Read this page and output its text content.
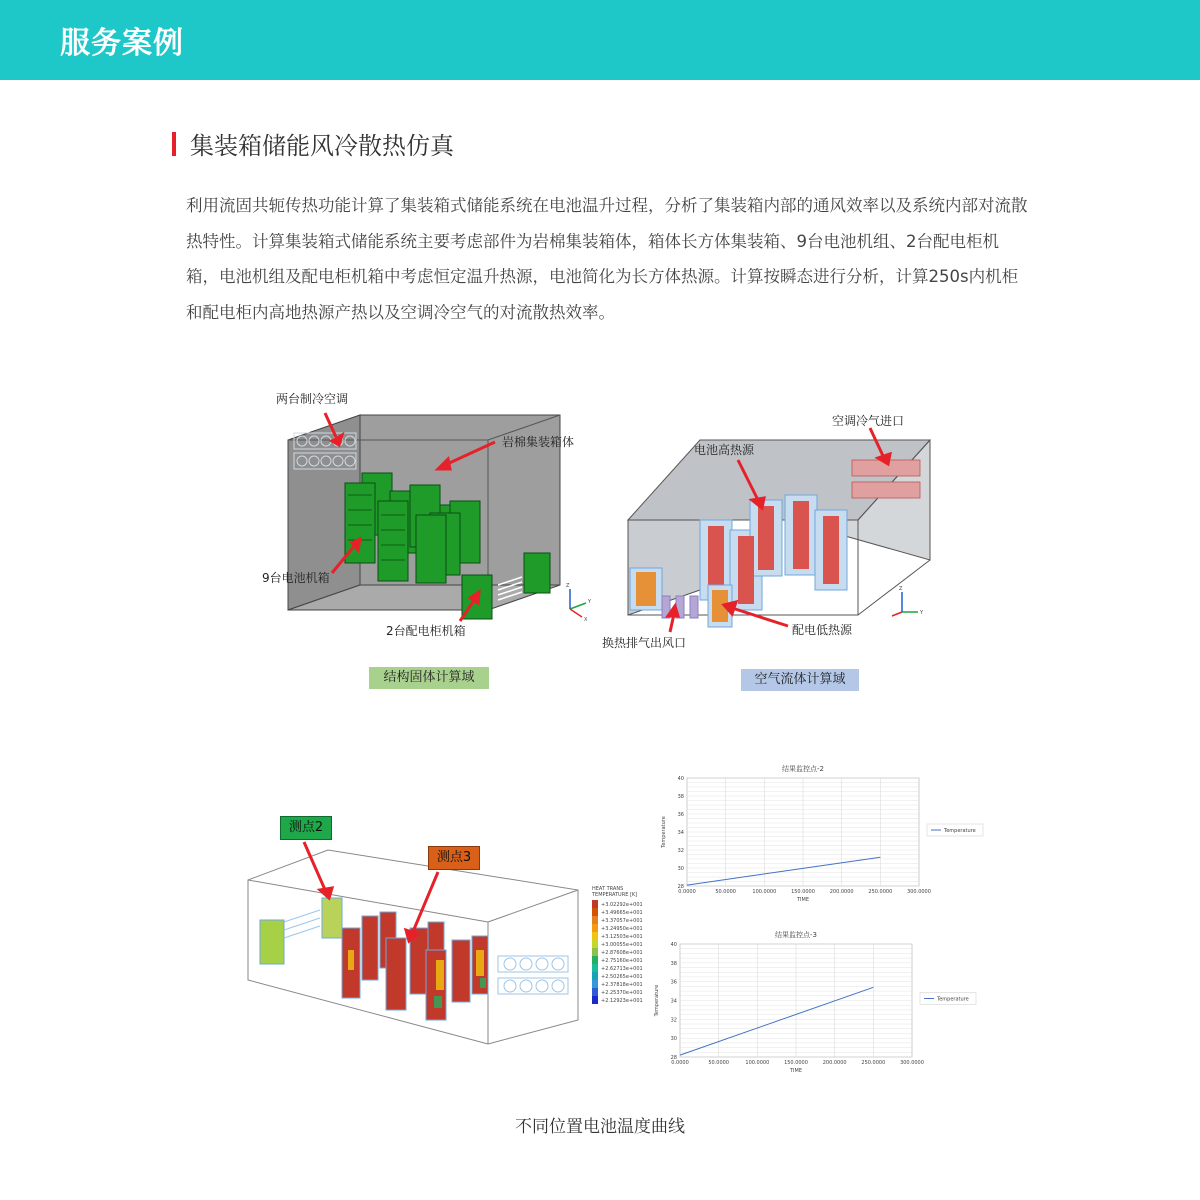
服务案例
集装箱储能风冷散热仿真
利用流固共轭传热功能计算了集装箱式储能系统在电池温升过程，分析了集装箱内部的通风效率以及系统内部对流散热特性。计算集装箱式储能系统主要考虑部件为岩棉集装箱体，箱体长方体集装箱、9台电池机组、2台配电柜机箱，电池机组及配电柜机箱中考虑恒定温升热源，电池简化为长方体热源。计算按瞬态进行分析，计算250s内机柜和配电柜内高地热源产热以及空调冷空气的对流散热效率。
Z
Y
X
两台制冷空调
岩棉集装箱体
9台电池机箱
2台配电柜机箱
结构固体计算域
Z
Y
空调冷气进口
电池高热源
换热排气出风口
配电低热源
空气流体计算域
HEAT TRANS
TEMPERATURE [K]
+3.02292e+001
+3.49665e+001
+3.37057e+001
+3.24950e+001
+3.12503e+001
+3.00055e+001
+2.87608e+001
+2.75160e+001
+2.62713e+001
+2.50265e+001
+2.37818e+001
+2.25370e+001
+2.12923e+001
测点2
测点3
结果监控点-2
0.0000	50.0000	100.0000	150.0000	200.0000	250.0000	300.0000
28
30
32
34
36
38
40
TIME
Temperature	Temperature
结果监控点-3
0.0000	50.0000	100.0000	150.0000	200.0000	250.0000	300.0000
28
30
32
34
36
38
40
TIME
Temperature	Temperature
不同位置电池温度曲线
